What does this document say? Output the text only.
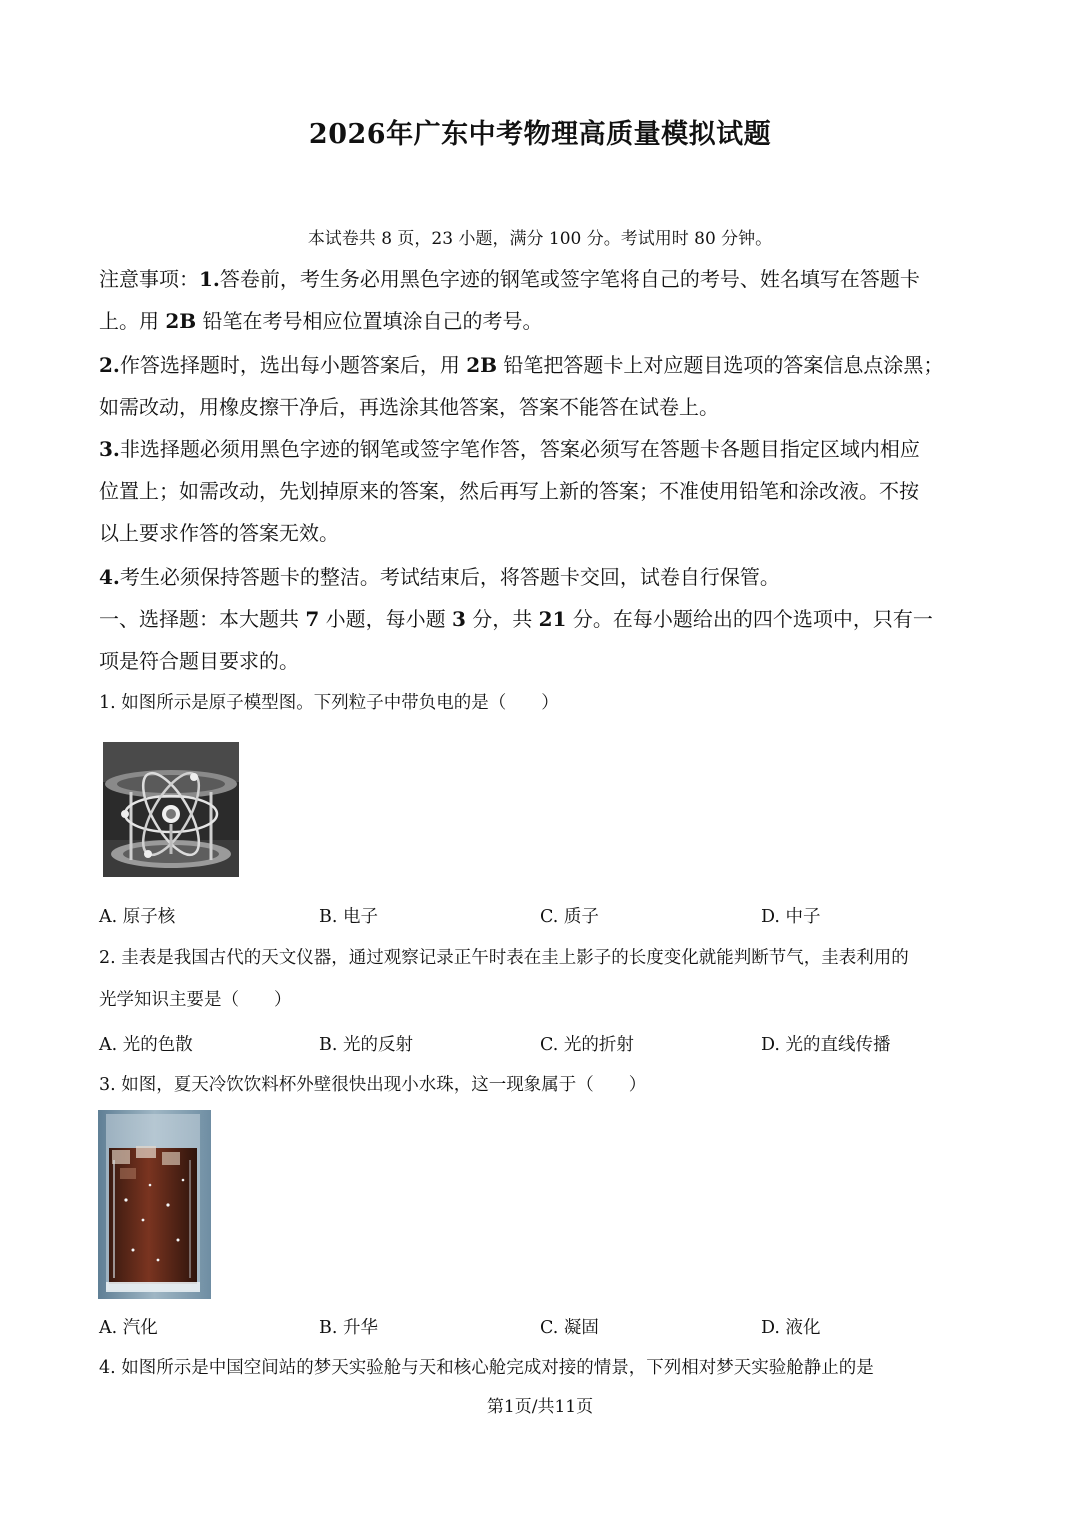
2026年广东中考物理高质量模拟试题
本试卷共 8 页，23 小题，满分 100 分。考试用时 80 分钟。
注意事项：1.答卷前，考生务必用黑色字迹的钢笔或签字笔将自己的考号、姓名填写在答题卡
上。用 2B 铅笔在考号相应位置填涂自己的考号。
2.作答选择题时，选出每小题答案后，用 2B 铅笔把答题卡上对应题目选项的答案信息点涂黑；
如需改动，用橡皮擦干净后，再选涂其他答案，答案不能答在试卷上。
3.非选择题必须用黑色字迹的钢笔或签字笔作答，答案必须写在答题卡各题目指定区域内相应
位置上；如需改动，先划掉原来的答案，然后再写上新的答案；不准使用铅笔和涂改液。不按
以上要求作答的答案无效。
4.考生必须保持答题卡的整洁。考试结束后，将答题卡交回，试卷自行保管。
一、选择题：本大题共 7 小题，每小题 3 分，共 21 分。在每小题给出的四个选项中，只有一
项是符合题目要求的。
1. 如图所示是原子模型图。下列粒子中带负电的是（　　）
A. 原子核	B. 电子	C. 质子	D. 中子
2. 圭表是我国古代的天文仪器，通过观察记录正午时表在圭上影子的长度变化就能判断节气，圭表利用的
光学知识主要是（　　）
A. 光的色散	B. 光的反射	C. 光的折射	D. 光的直线传播
3. 如图，夏天冷饮饮料杯外壁很快出现小水珠，这一现象属于（　　）
A. 汽化	B. 升华	C. 凝固	D. 液化
4. 如图所示是中国空间站的梦天实验舱与天和核心舱完成对接的情景，下列相对梦天实验舱静止的是
第1页/共11页
